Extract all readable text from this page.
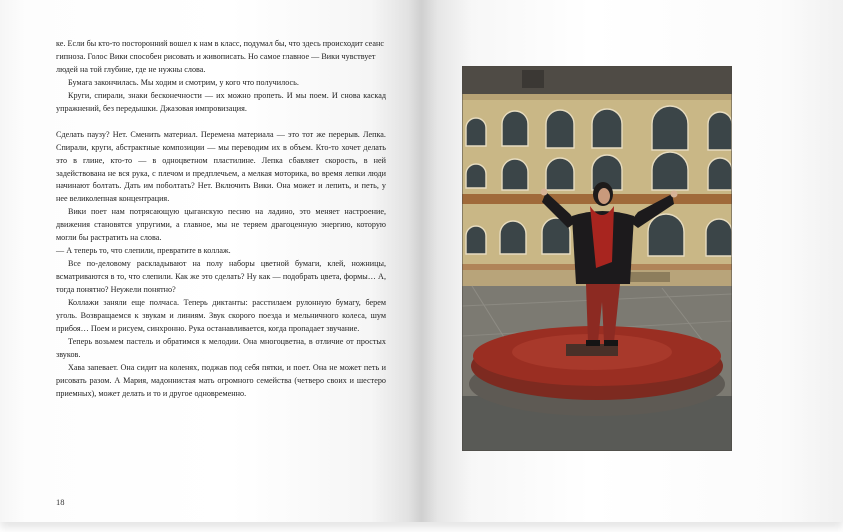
ке. Если бы кто-то посторонний вошел к нам в класс, подумал бы, что здесь происходит сеанс гипноза. Голос Вики способен рисовать и живописать. Но самое главное — Вики чувствует людей на той глубине, где не нужны слова.

Бумага закончилась. Мы ходим и смотрим, у кого что получилось.

Круги, спирали, знаки бесконечности — их можно пропеть. И мы поем. И снова каскад упражнений, без передышки. Джазовая импровизация.

Сделать паузу? Нет. Сменить материал. Перемена материала — это тот же перерыв. Лепка. Спирали, круги, абстрактные композиции — мы переводим их в объем. Кто-то хочет делать это в глине, кто-то — в одноцветном пластилине. Лепка сбавляет скорость, в ней задействована не вся рука, с плечом и предплечьем, а мелкая моторика, во время лепки люди начинают болтать. Дать им поболтать? Нет. Включить Вики. Она может и лепить, и петь, у нее великолепная концентрация.

Вики поет нам потрясающую цыганскую песню на ладино, это меняет настроение, движения становятся упругими, а главное, мы не теряем драгоценную энергию, которую могли бы растратить на слова.

— А теперь то, что слепили, превратите в коллаж.

Все по-деловому раскладывают на полу наборы цветной бумаги, клей, ножницы, всматриваются в то, что слепили. Как же это сделать? Ну как — подобрать цвета, формы… А, тогда понятно? Неужели понятно?

Коллажи заняли еще полчаса. Теперь диктанты: расстилаем рулонную бумагу, берем уголь. Возвращаемся к звукам и линиям. Звук скорого поезда и мельничного колеса, шум прибоя… Поем и рисуем, синхронно. Рука останавливается, когда пропадает звучание.

Теперь возьмем пастель и обратимся к мелодии. Она многоцветна, в отличие от простых звуков.

Хава запевает. Она сидит на коленях, поджав под себя пятки, и поет. Она не может петь и рисовать разом. А Мария, мадоннистая мать огромного семейства (четверо своих и шестеро приемных), может делать и то и другое одновременно.

18
